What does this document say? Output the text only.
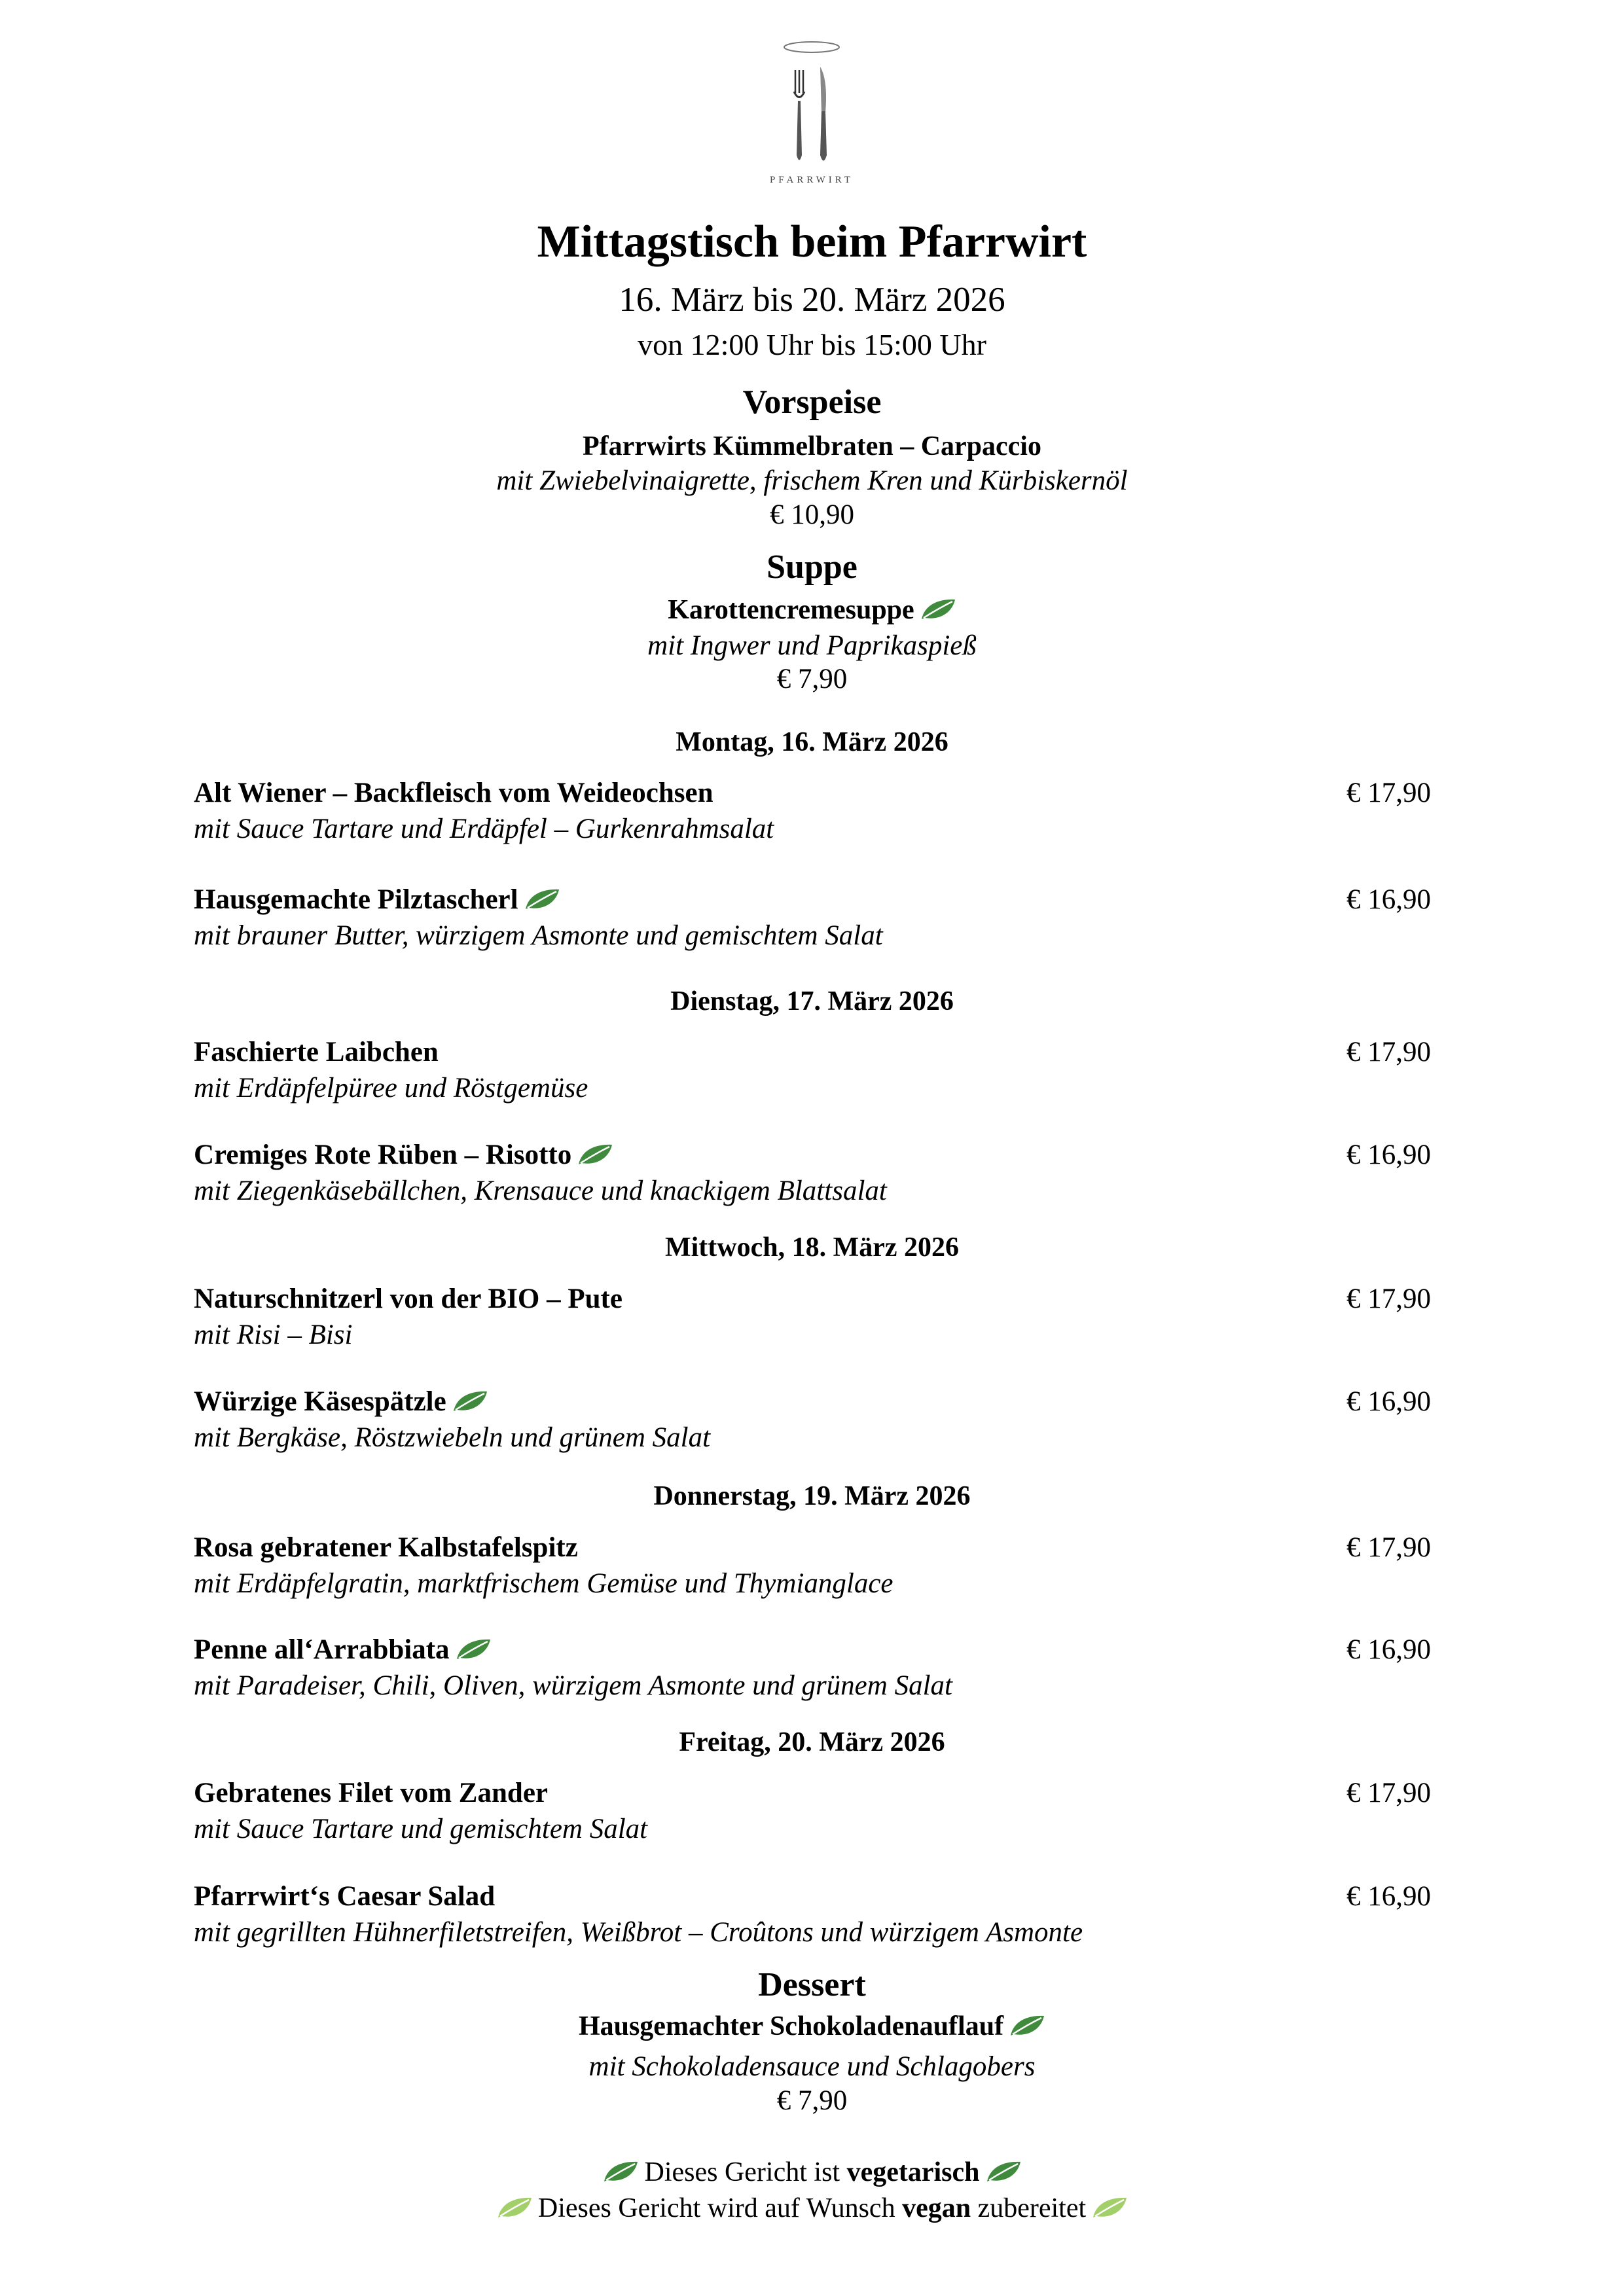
PFARRWIRT
Mittagstisch beim Pfarrwirt
16. März bis 20. März 2026
von 12:00 Uhr bis 15:00 Uhr
Vorspeise
Pfarrwirts Kümmelbraten – Carpaccio
mit Zwiebelvinaigrette, frischem Kren und Kürbiskernöl
€ 10,90
Suppe
Karottencremesuppe
mit Ingwer und Paprikaspieß
€ 7,90
Montag, 16. März 2026
Alt Wiener – Backfleisch vom Weideochsen
mit Sauce Tartare und Erdäpfel – Gurkenrahmsalat
€ 17,90
Hausgemachte Pilztascherl
mit brauner Butter, würzigem Asmonte und gemischtem Salat
€ 16,90
Dienstag, 17. März 2026
Faschierte Laibchen
mit Erdäpfelpüree und Röstgemüse
€ 17,90
Cremiges Rote Rüben – Risotto
mit Ziegenkäsebällchen, Krensauce und knackigem Blattsalat
€ 16,90
Mittwoch, 18. März 2026
Naturschnitzerl von der BIO – Pute
mit Risi – Bisi
€ 17,90
Würzige Käsespätzle
mit Bergkäse, Röstzwiebeln und grünem Salat
€ 16,90
Donnerstag, 19. März 2026
Rosa gebratener Kalbstafelspitz
mit Erdäpfelgratin, marktfrischem Gemüse und Thymianglace
€ 17,90
Penne all‘Arrabbiata
mit Paradeiser, Chili, Oliven, würzigem Asmonte und grünem Salat
€ 16,90
Freitag, 20. März 2026
Gebratenes Filet vom Zander
mit Sauce Tartare und gemischtem Salat
€ 17,90
Pfarrwirt‘s Caesar Salad
mit gegrillten Hühnerfiletstreifen, Weißbrot – Croûtons und würzigem Asmonte
€ 16,90
Dessert
Hausgemachter Schokoladenauflauf
mit Schokoladensauce und Schlagobers
€ 7,90
Dieses Gericht ist vegetarisch
Dieses Gericht wird auf Wunsch vegan zubereitet
